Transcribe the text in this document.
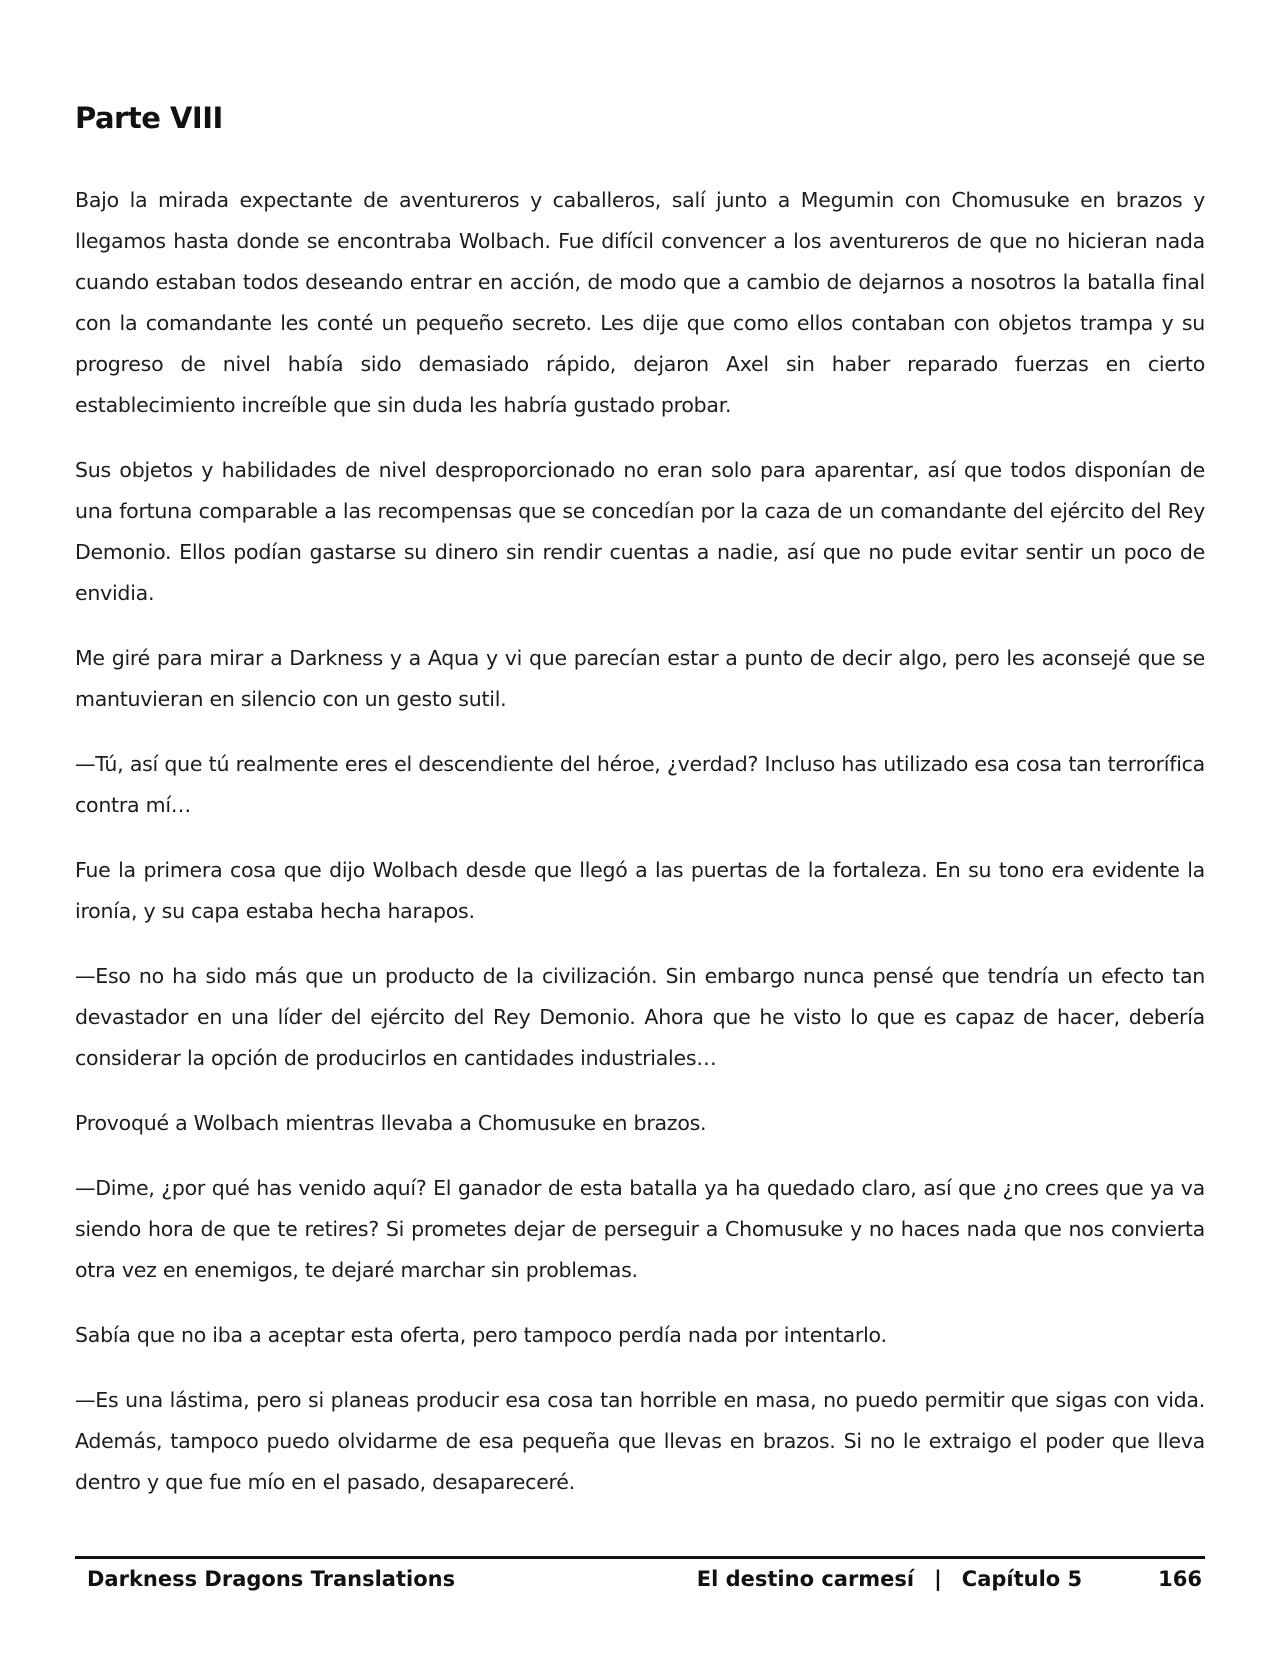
Parte VIII

Bajo la mirada expectante de aventureros y caballeros, salí junto a Megumin con Chomusuke en brazos y llegamos hasta donde se encontraba Wolbach. Fue difícil convencer a los aventureros de que no hicieran nada cuando estaban todos deseando entrar en acción, de modo que a cambio de dejarnos a nosotros la batalla final con la comandante les conté un pequeño secreto. Les dije que como ellos contaban con objetos trampa y su progreso de nivel había sido demasiado rápido, dejaron Axel sin haber reparado fuerzas en cierto establecimiento increíble que sin duda les habría gustado probar.

Sus objetos y habilidades de nivel desproporcionado no eran solo para aparentar, así que todos disponían de una fortuna comparable a las recompensas que se concedían por la caza de un comandante del ejército del Rey Demonio. Ellos podían gastarse su dinero sin rendir cuentas a nadie, así que no pude evitar sentir un poco de envidia.

Me giré para mirar a Darkness y a Aqua y vi que parecían estar a punto de decir algo, pero les aconsejé que se mantuvieran en silencio con un gesto sutil.

—Tú, así que tú realmente eres el descendiente del héroe, ¿verdad? Incluso has utilizado esa cosa tan terrorífica contra mí…

Fue la primera cosa que dijo Wolbach desde que llegó a las puertas de la fortaleza. En su tono era evidente la ironía, y su capa estaba hecha harapos.

—Eso no ha sido más que un producto de la civilización. Sin embargo nunca pensé que tendría un efecto tan devastador en una líder del ejército del Rey Demonio. Ahora que he visto lo que es capaz de hacer, debería considerar la opción de producirlos en cantidades industriales…

Provoqué a Wolbach mientras llevaba a Chomusuke en brazos.

—Dime, ¿por qué has venido aquí? El ganador de esta batalla ya ha quedado claro, así que ¿no crees que ya va siendo hora de que te retires? Si prometes dejar de perseguir a Chomusuke y no haces nada que nos convierta otra vez en enemigos, te dejaré marchar sin problemas.

Sabía que no iba a aceptar esta oferta, pero tampoco perdía nada por intentarlo.

—Es una lástima, pero si planeas producir esa cosa tan horrible en masa, no puedo permitir que sigas con vida. Además, tampoco puedo olvidarme de esa pequeña que llevas en brazos. Si no le extraigo el poder que lleva dentro y que fue mío en el pasado, desapareceré.

Darkness Dragons Translations	El destino carmesí | Capítulo 5	166
